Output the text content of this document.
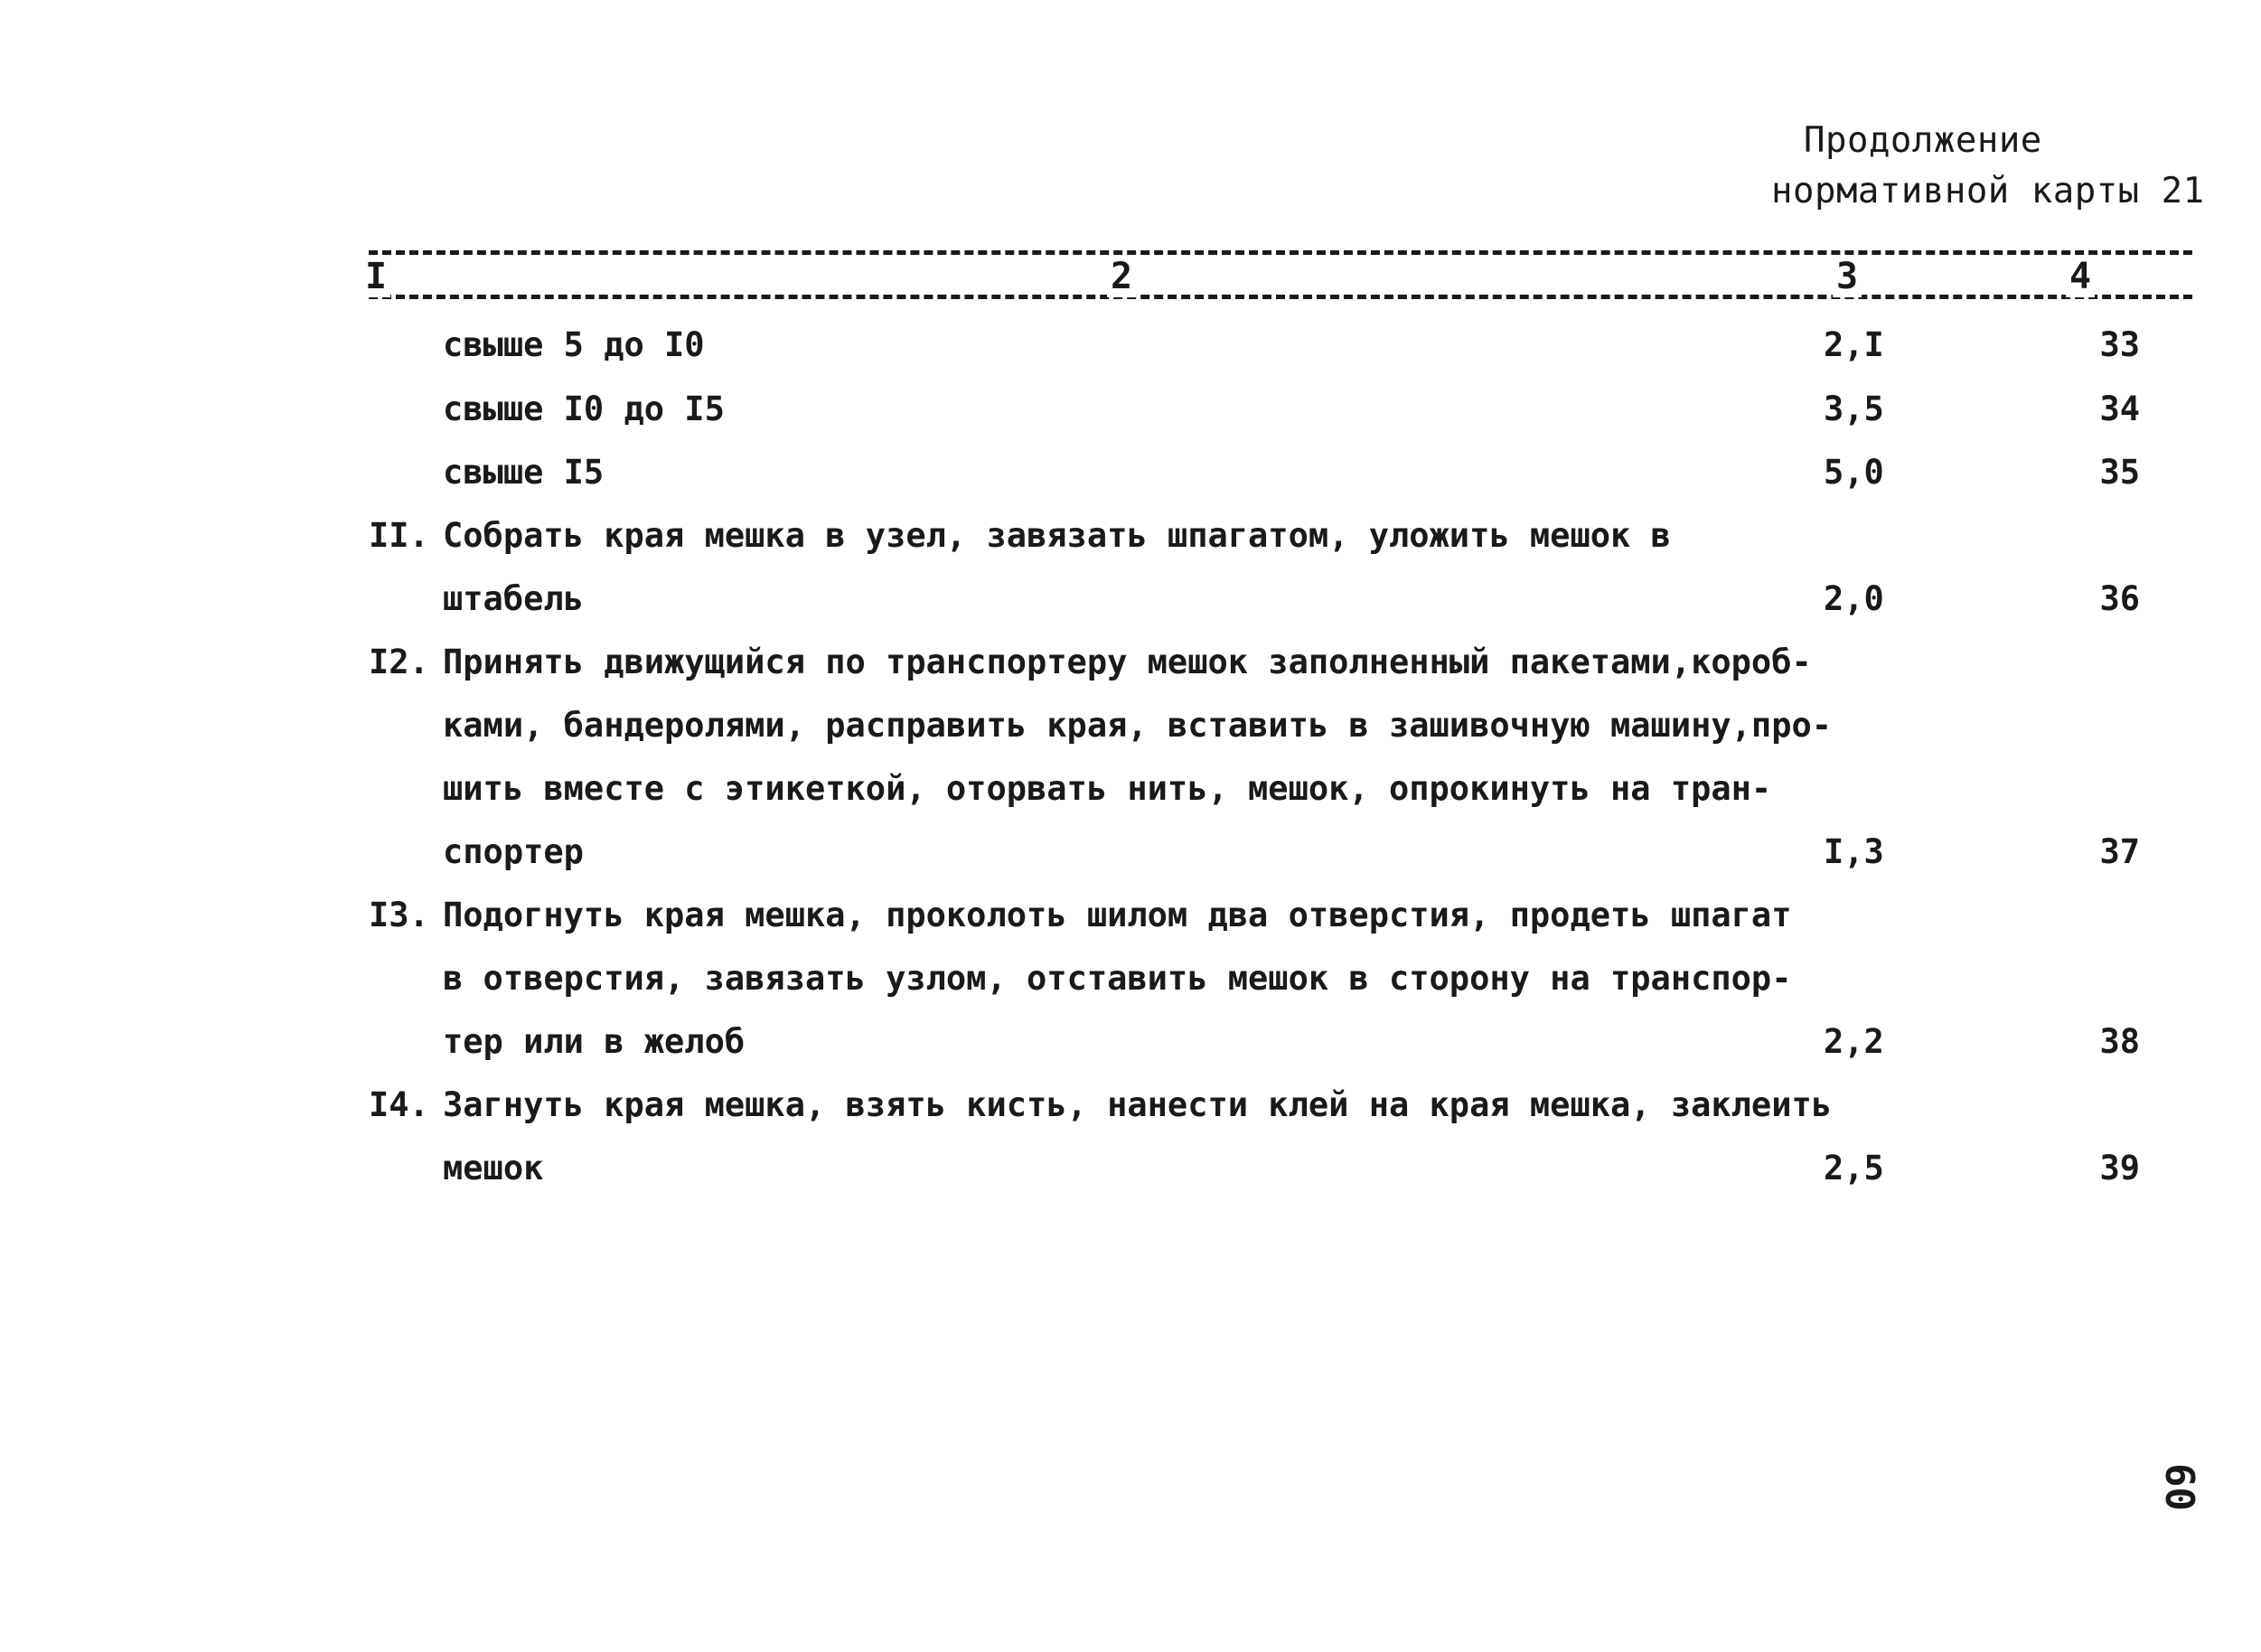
Продолжение
нормативной карты 21
I	2	3	4
свыше 5 до I0	2,I	33
свыше I0 до I5	3,5	34
свыше I5	5,0	35
II. Собрать края мешка в узел, завязать шпагатом, уложить мешок в
штабель	2,0	36
I2. Принять движущийся по транспортеру мешок заполненный пакетами,короб-
ками, бандеролями, расправить края, вставить в зашивочную машину,про-
шить вместе с этикеткой, оторвать нить, мешок, опрокинуть на тран-
спортер	I,3	37
I3. Подогнуть края мешка, проколоть шилом два отверстия, продеть шпагат
в отверстия, завязать узлом, отставить мешок в сторону на транспор-
тер или в желоб	2,2	38
I4. Загнуть края мешка, взять кисть, нанести клей на края мешка, заклеить
мешок	2,5	39
60
